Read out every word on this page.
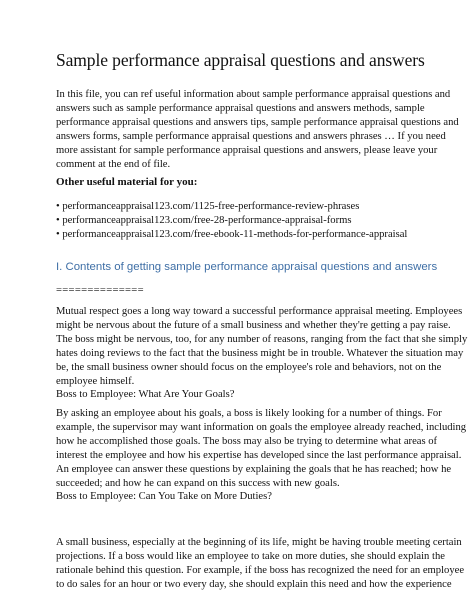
Sample performance appraisal questions and answers
In this file, you can ref useful information about sample performance appraisal questions and
answers such as sample performance appraisal questions and answers methods, sample
performance appraisal questions and answers tips, sample performance appraisal questions and
answers forms, sample performance appraisal questions and answers phrases … If you need
more assistant for sample performance appraisal questions and answers, please leave your
comment at the end of file.
Other useful material for you:
• performanceappraisal123.com/1125-free-performance-review-phrases
• performanceappraisal123.com/free-28-performance-appraisal-forms
• performanceappraisal123.com/free-ebook-11-methods-for-performance-appraisal
I. Contents of getting sample performance appraisal questions and answers
==============
Mutual respect goes a long way toward a successful performance appraisal meeting. Employees
might be nervous about the future of a small business and whether they're getting a pay raise.
The boss might be nervous, too, for any number of reasons, ranging from the fact that she simply
hates doing reviews to the fact that the business might be in trouble. Whatever the situation may
be, the small business owner should focus on the employee's role and behaviors, not on the
employee himself.
Boss to Employee: What Are Your Goals?
By asking an employee about his goals, a boss is likely looking for a number of things. For
example, the supervisor may want information on goals the employee already reached, including
how he accomplished those goals. The boss may also be trying to determine what areas of
interest the employee and how his expertise has developed since the last performance appraisal.
An employee can answer these questions by explaining the goals that he has reached; how he
succeeded; and how he can expand on this success with new goals.
Boss to Employee: Can You Take on More Duties?
A small business, especially at the beginning of its life, might be having trouble meeting certain
projections. If a boss would like an employee to take on more duties, she should explain the
rationale behind this question. For example, if the boss has recognized the need for an employee
to do sales for an hour or two every day, she should explain this need and how the experience
